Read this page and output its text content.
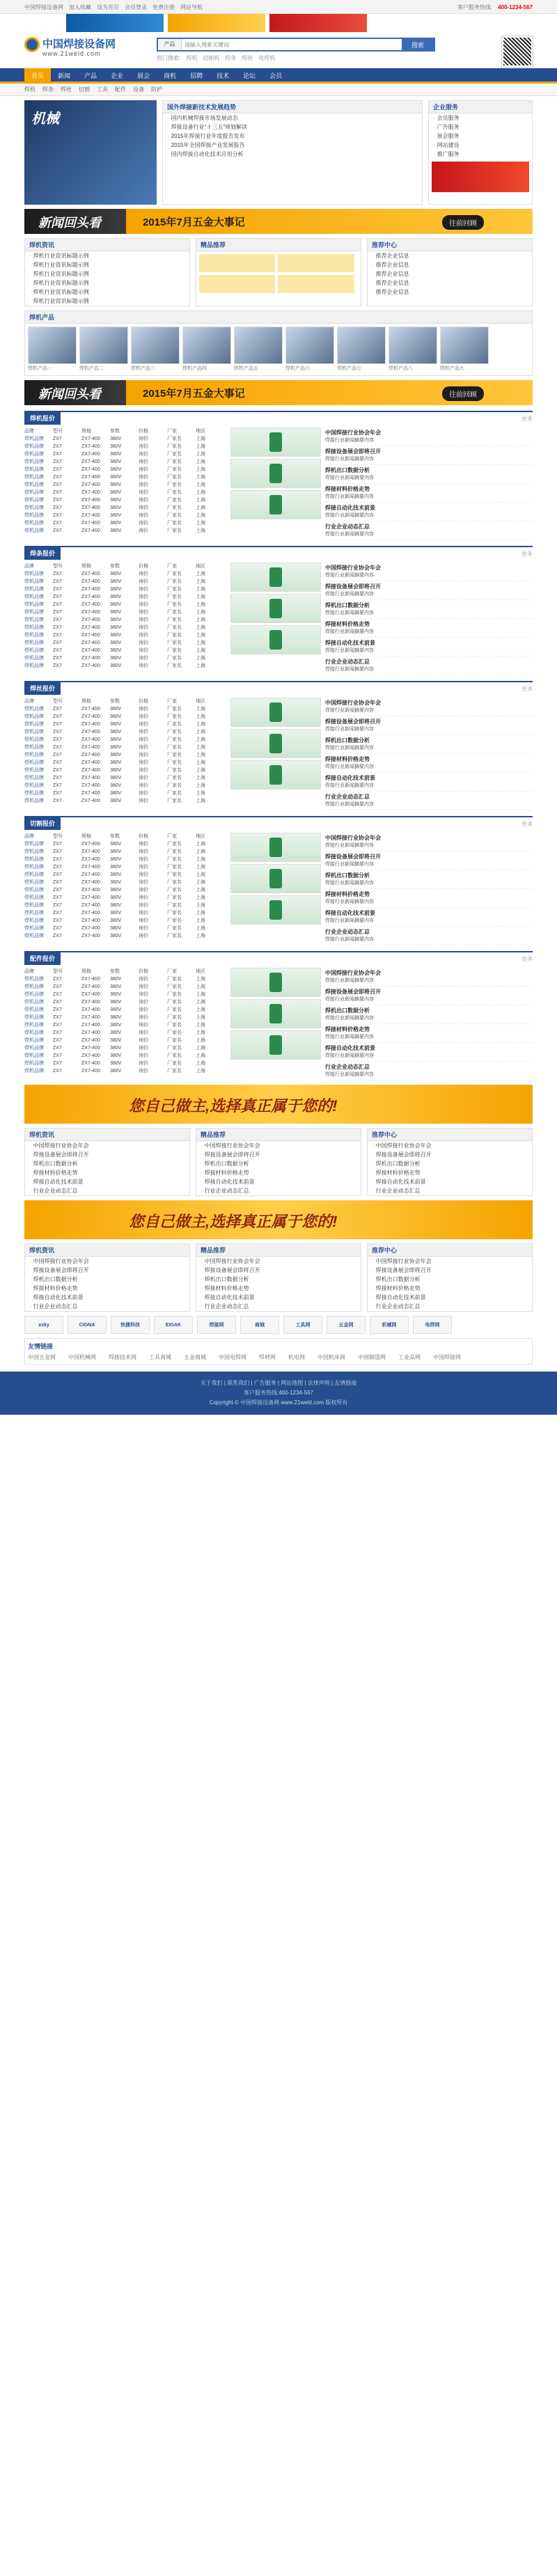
中国焊接设备网 加入收藏 设为首页 会员登录 免费注册 网站导航	客户服务热线: 400-1234-567
中国焊接设备网
www.21weld.com
产品
请输入搜索关键词	搜索
热门搜索: 焊机 切割机 焊条 焊丝 电焊机
首页	新闻	产品	企业	展会	商机	招聘	技术	论坛	会员
焊机 焊条 焊丝 切割 工具 配件 设备 防护
机械
国外焊接新技术发展趋势
· 国内机械焊接市场发展动态
· 焊接设备行业“十三五”规划解读
· 2015年焊接行业年度报告发布
· 2015年全国焊接产业发展报告
· 国内焊接自动化技术应用分析
企业服务
· 会员服务
· 广告服务
· 展会服务
· 网站建设
· 推广服务
新闻回头看	2015年7月五金大事记	往前回顾
焊机资讯
· 焊机行业资讯标题示例
· 焊机行业资讯标题示例
· 焊机行业资讯标题示例
· 焊机行业资讯标题示例
· 焊机行业资讯标题示例
· 焊机行业资讯标题示例
精品推荐	推荐中心
· 推荐企业信息
· 推荐企业信息
· 推荐企业信息
· 推荐企业信息
· 推荐企业信息
焊机产品
焊机产品一	焊机产品二	焊机产品三	焊机产品四	焊机产品五	焊机产品六	焊机产品七	焊机产品八	焊机产品九
新闻回头看	2015年7月五金大事记	往前回顾
焊机报价	更多
品牌	型号	规格	参数	价格	厂家	地区
焊机品牌	ZX7	ZX7-400	380V	询价	厂家名	上海
焊机品牌	ZX7	ZX7-400	380V	询价	厂家名	上海
焊机品牌	ZX7	ZX7-400	380V	询价	厂家名	上海
焊机品牌	ZX7	ZX7-400	380V	询价	厂家名	上海
焊机品牌	ZX7	ZX7-400	380V	询价	厂家名	上海
焊机品牌	ZX7	ZX7-400	380V	询价	厂家名	上海
焊机品牌	ZX7	ZX7-400	380V	询价	厂家名	上海
焊机品牌	ZX7	ZX7-400	380V	询价	厂家名	上海
焊机品牌	ZX7	ZX7-400	380V	询价	厂家名	上海
焊机品牌	ZX7	ZX7-400	380V	询价	厂家名	上海
焊机品牌	ZX7	ZX7-400	380V	询价	厂家名	上海
焊机品牌	ZX7	ZX7-400	380V	询价	厂家名	上海
焊机品牌	ZX7	ZX7-400	380V	询价	厂家名	上海
中国焊接行业协会年会
焊接行业新闻摘要内容
焊接设备展会即将召开
焊接行业新闻摘要内容
焊机出口数据分析
焊接行业新闻摘要内容
焊接材料价格走势
焊接行业新闻摘要内容
焊接自动化技术前景
焊接行业新闻摘要内容
行业企业动态汇总
焊接行业新闻摘要内容
焊条报价	更多
品牌	型号	规格	参数	价格	厂家	地区
焊机品牌	ZX7	ZX7-400	380V	询价	厂家名	上海
焊机品牌	ZX7	ZX7-400	380V	询价	厂家名	上海
焊机品牌	ZX7	ZX7-400	380V	询价	厂家名	上海
焊机品牌	ZX7	ZX7-400	380V	询价	厂家名	上海
焊机品牌	ZX7	ZX7-400	380V	询价	厂家名	上海
焊机品牌	ZX7	ZX7-400	380V	询价	厂家名	上海
焊机品牌	ZX7	ZX7-400	380V	询价	厂家名	上海
焊机品牌	ZX7	ZX7-400	380V	询价	厂家名	上海
焊机品牌	ZX7	ZX7-400	380V	询价	厂家名	上海
焊机品牌	ZX7	ZX7-400	380V	询价	厂家名	上海
焊机品牌	ZX7	ZX7-400	380V	询价	厂家名	上海
焊机品牌	ZX7	ZX7-400	380V	询价	厂家名	上海
焊机品牌	ZX7	ZX7-400	380V	询价	厂家名	上海
中国焊接行业协会年会
焊接行业新闻摘要内容
焊接设备展会即将召开
焊接行业新闻摘要内容
焊机出口数据分析
焊接行业新闻摘要内容
焊接材料价格走势
焊接行业新闻摘要内容
焊接自动化技术前景
焊接行业新闻摘要内容
行业企业动态汇总
焊接行业新闻摘要内容
焊丝报价	更多
品牌	型号	规格	参数	价格	厂家	地区
焊机品牌	ZX7	ZX7-400	380V	询价	厂家名	上海
焊机品牌	ZX7	ZX7-400	380V	询价	厂家名	上海
焊机品牌	ZX7	ZX7-400	380V	询价	厂家名	上海
焊机品牌	ZX7	ZX7-400	380V	询价	厂家名	上海
焊机品牌	ZX7	ZX7-400	380V	询价	厂家名	上海
焊机品牌	ZX7	ZX7-400	380V	询价	厂家名	上海
焊机品牌	ZX7	ZX7-400	380V	询价	厂家名	上海
焊机品牌	ZX7	ZX7-400	380V	询价	厂家名	上海
焊机品牌	ZX7	ZX7-400	380V	询价	厂家名	上海
焊机品牌	ZX7	ZX7-400	380V	询价	厂家名	上海
焊机品牌	ZX7	ZX7-400	380V	询价	厂家名	上海
焊机品牌	ZX7	ZX7-400	380V	询价	厂家名	上海
焊机品牌	ZX7	ZX7-400	380V	询价	厂家名	上海
中国焊接行业协会年会
焊接行业新闻摘要内容
焊接设备展会即将召开
焊接行业新闻摘要内容
焊机出口数据分析
焊接行业新闻摘要内容
焊接材料价格走势
焊接行业新闻摘要内容
焊接自动化技术前景
焊接行业新闻摘要内容
行业企业动态汇总
焊接行业新闻摘要内容
切割报价	更多
品牌	型号	规格	参数	价格	厂家	地区
焊机品牌	ZX7	ZX7-400	380V	询价	厂家名	上海
焊机品牌	ZX7	ZX7-400	380V	询价	厂家名	上海
焊机品牌	ZX7	ZX7-400	380V	询价	厂家名	上海
焊机品牌	ZX7	ZX7-400	380V	询价	厂家名	上海
焊机品牌	ZX7	ZX7-400	380V	询价	厂家名	上海
焊机品牌	ZX7	ZX7-400	380V	询价	厂家名	上海
焊机品牌	ZX7	ZX7-400	380V	询价	厂家名	上海
焊机品牌	ZX7	ZX7-400	380V	询价	厂家名	上海
焊机品牌	ZX7	ZX7-400	380V	询价	厂家名	上海
焊机品牌	ZX7	ZX7-400	380V	询价	厂家名	上海
焊机品牌	ZX7	ZX7-400	380V	询价	厂家名	上海
焊机品牌	ZX7	ZX7-400	380V	询价	厂家名	上海
焊机品牌	ZX7	ZX7-400	380V	询价	厂家名	上海
中国焊接行业协会年会
焊接行业新闻摘要内容
焊接设备展会即将召开
焊接行业新闻摘要内容
焊机出口数据分析
焊接行业新闻摘要内容
焊接材料价格走势
焊接行业新闻摘要内容
焊接自动化技术前景
焊接行业新闻摘要内容
行业企业动态汇总
焊接行业新闻摘要内容
配件报价	更多
品牌	型号	规格	参数	价格	厂家	地区
焊机品牌	ZX7	ZX7-400	380V	询价	厂家名	上海
焊机品牌	ZX7	ZX7-400	380V	询价	厂家名	上海
焊机品牌	ZX7	ZX7-400	380V	询价	厂家名	上海
焊机品牌	ZX7	ZX7-400	380V	询价	厂家名	上海
焊机品牌	ZX7	ZX7-400	380V	询价	厂家名	上海
焊机品牌	ZX7	ZX7-400	380V	询价	厂家名	上海
焊机品牌	ZX7	ZX7-400	380V	询价	厂家名	上海
焊机品牌	ZX7	ZX7-400	380V	询价	厂家名	上海
焊机品牌	ZX7	ZX7-400	380V	询价	厂家名	上海
焊机品牌	ZX7	ZX7-400	380V	询价	厂家名	上海
焊机品牌	ZX7	ZX7-400	380V	询价	厂家名	上海
焊机品牌	ZX7	ZX7-400	380V	询价	厂家名	上海
焊机品牌	ZX7	ZX7-400	380V	询价	厂家名	上海
中国焊接行业协会年会
焊接行业新闻摘要内容
焊接设备展会即将召开
焊接行业新闻摘要内容
焊机出口数据分析
焊接行业新闻摘要内容
焊接材料价格走势
焊接行业新闻摘要内容
焊接自动化技术前景
焊接行业新闻摘要内容
行业企业动态汇总
焊接行业新闻摘要内容
您自己做主,选择真正属于您的!
焊机资讯
· 中国焊接行业协会年会
· 焊接设备展会即将召开
· 焊机出口数据分析
· 焊接材料价格走势
· 焊接自动化技术前景
· 行业企业动态汇总
精品推荐
· 中国焊接行业协会年会
· 焊接设备展会即将召开
· 焊机出口数据分析
· 焊接材料价格走势
· 焊接自动化技术前景
· 行业企业动态汇总
推荐中心
· 中国焊接行业协会年会
· 焊接设备展会即将召开
· 焊机出口数据分析
· 焊接材料价格走势
· 焊接自动化技术前景
· 行业企业动态汇总
您自己做主,选择真正属于您的!
焊机资讯
· 中国焊接行业协会年会
· 焊接设备展会即将召开
· 焊机出口数据分析
· 焊接材料价格走势
· 焊接自动化技术前景
· 行业企业动态汇总
精品推荐
· 中国焊接行业协会年会
· 焊接设备展会即将召开
· 焊机出口数据分析
· 焊接材料价格走势
· 焊接自动化技术前景
· 行业企业动态汇总
推荐中心
· 中国焊接行业协会年会
· 焊接设备展会即将召开
· 焊机出口数据分析
· 焊接材料价格走势
· 焊接自动化技术前景
· 行业企业动态汇总
xsky	CIGNA	快捷科技	EIGAK	焊接网	商城	工具网	五金网	机械网	电焊网
友情链接
中国五金网 中国机械网 焊接技术网 工具商城 五金商城 中国电焊网 焊材网 机电网 中国机床网 中国制造网 工业品网 中国焊接网
关于我们 | 联系我们 | 广告服务 | 网站地图 | 法律声明 | 友情链接
客户服务热线:400-1234-567
Copyright © 中国焊接设备网 www.21weld.com 版权所有
